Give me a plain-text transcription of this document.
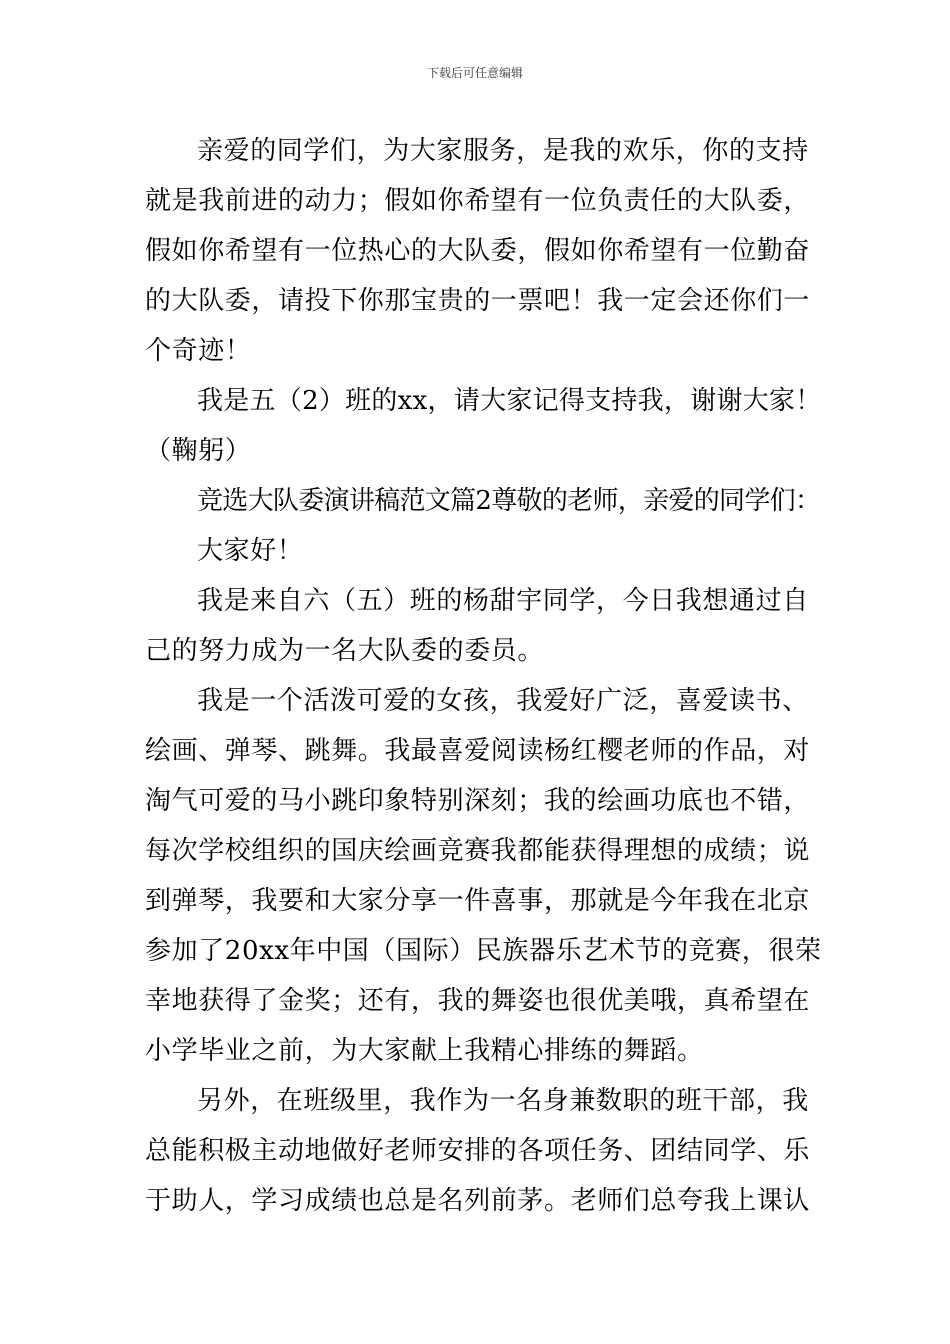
下载后可任意编辑
亲爱的同学们，为大家服务，是我的欢乐，你的支持
就是我前进的动力；假如你希望有一位负责任的大队委，
假如你希望有一位热心的大队委，假如你希望有一位勤奋
的大队委，请投下你那宝贵的一票吧！我一定会还你们一
个奇迹！
我是五（2）班的xx，请大家记得支持我，谢谢大家！
（鞠躬）
竞选大队委演讲稿范文篇2尊敬的老师，亲爱的同学们：
大家好！
我是来自六（五）班的杨甜宇同学，今日我想通过自
己的努力成为一名大队委的委员。
我是一个活泼可爱的女孩，我爱好广泛，喜爱读书、
绘画、弹琴、跳舞。我最喜爱阅读杨红樱老师的作品，对
淘气可爱的马小跳印象特别深刻；我的绘画功底也不错，
每次学校组织的国庆绘画竞赛我都能获得理想的成绩；说
到弹琴，我要和大家分享一件喜事，那就是今年我在北京
参加了20xx年中国（国际）民族器乐艺术节的竞赛，很荣
幸地获得了金奖；还有，我的舞姿也很优美哦，真希望在
小学毕业之前，为大家献上我精心排练的舞蹈。
另外，在班级里，我作为一名身兼数职的班干部，我
总能积极主动地做好老师安排的各项任务、团结同学、乐
于助人，学习成绩也总是名列前茅。老师们总夸我上课认
